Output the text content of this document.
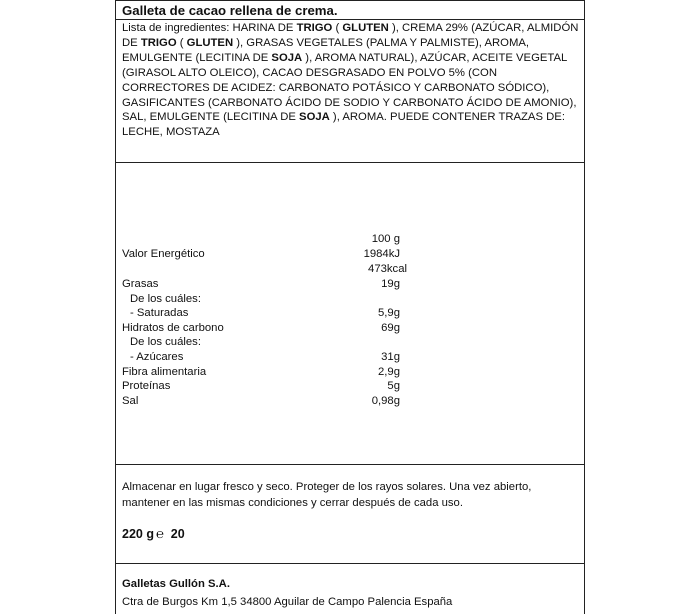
Galleta de cacao rellena de crema.
Lista de ingredientes: HARINA DE TRIGO ( GLUTEN ), CREMA 29% (AZÚCAR, ALMIDÓN DE TRIGO ( GLUTEN ), GRASAS VEGETALES (PALMA Y PALMISTE), AROMA, EMULGENTE (LECITINA DE SOJA ), AROMA NATURAL), AZÚCAR, ACEITE VEGETAL (GIRASOL ALTO OLEICO), CACAO DESGRASADO EN POLVO 5% (CON CORRECTORES DE ACIDEZ: CARBONATO POTÁSICO Y CARBONATO SÓDICO), GASIFICANTES (CARBONATO ÁCIDO DE SODIO Y CARBONATO ÁCIDO DE AMONIO), SAL, EMULGENTE (LECITINA DE SOJA ), AROMA. PUEDE CONTENER TRAZAS DE: LECHE, MOSTAZA
100 g
Valor Energético	1984kJ
473kcal
Grasas	19g
De los cuáles:
- Saturadas	5,9g
Hidratos de carbono	69g
De los cuáles:
- Azúcares	31g
Fibra alimentaria	2,9g
Proteínas	5g
Sal	0,98g
Almacenar en lugar fresco y seco. Proteger de los rayos solares. Una vez abierto, mantener en las mismas condiciones y cerrar después de cada uso.
220 g ℮ 20
Galletas Gullón S.A.
Ctra de Burgos Km 1,5 34800 Aguilar de Campo Palencia España
